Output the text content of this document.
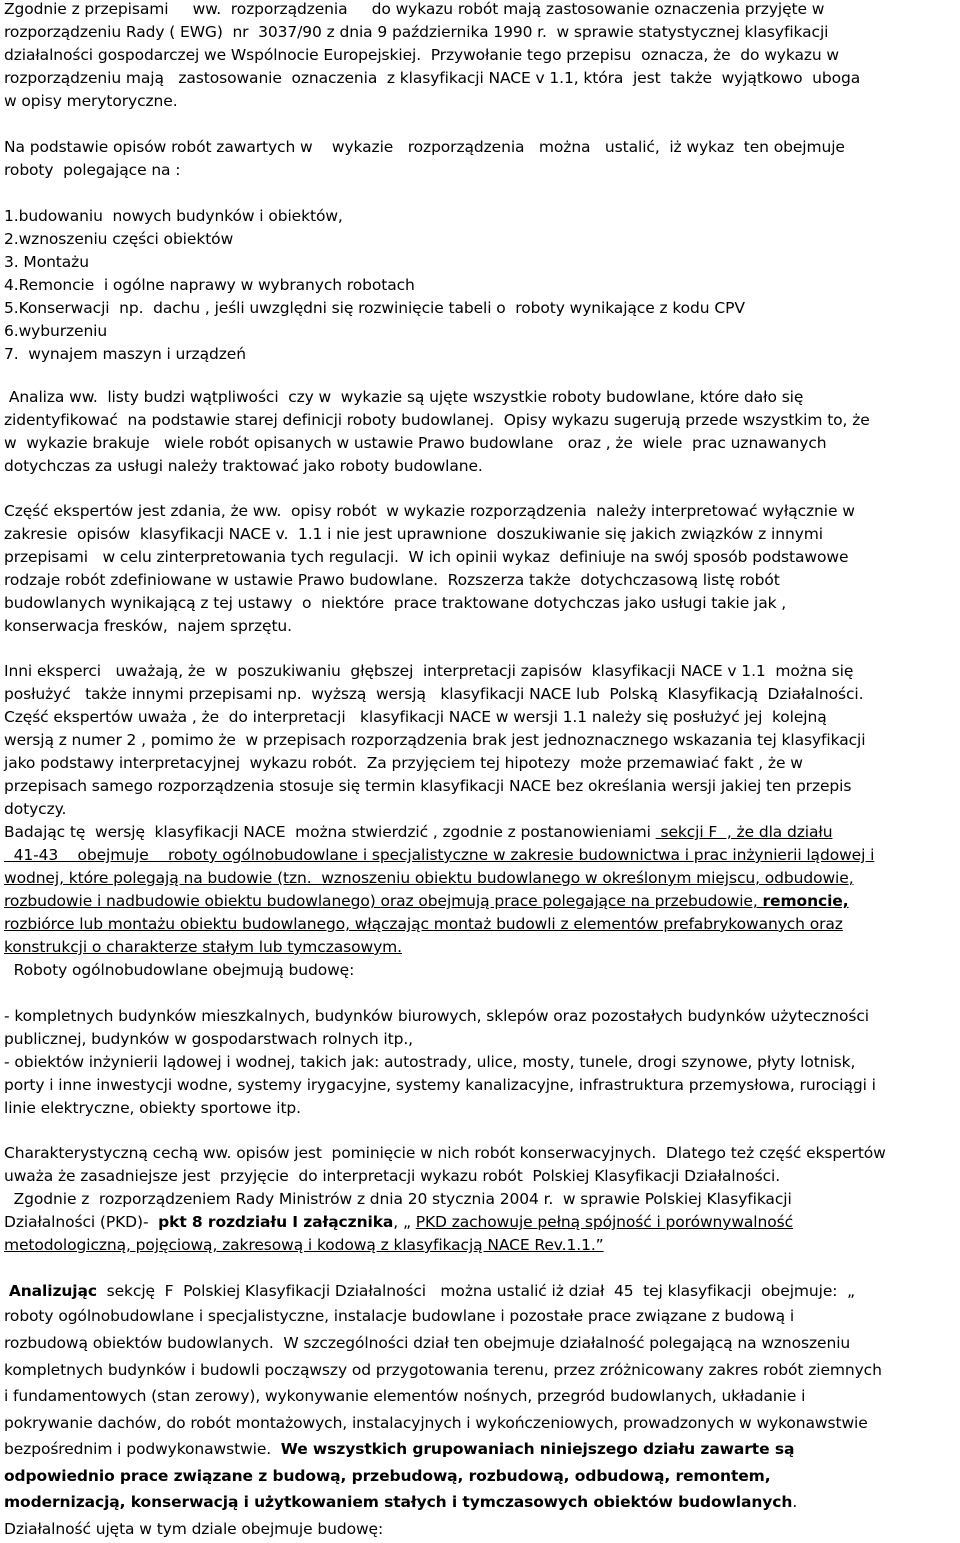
Zgodnie z przepisami     ww.  rozporządzenia     do wykazu robót mają zastosowanie oznaczenia przyjęte w
rozporządzeniu Rady ( EWG)  nr  3037/90 z dnia 9 października 1990 r.  w sprawie statystycznej klasyfikacji
działalności gospodarczej we Wspólnocie Europejskiej.  Przywołanie tego przepisu  oznacza, że  do wykazu w
rozporządzeniu mają   zastosowanie  oznaczenia  z klasyfikacji NACE v 1.1, która  jest  także  wyjątkowo  uboga
w opisy merytoryczne.
Na podstawie opisów robót zawartych w    wykazie   rozporządzenia   można   ustalić,  iż wykaz  ten obejmuje
roboty  polegające na :
1.budowaniu  nowych budynków i obiektów,
2.wznoszeniu części obiektów
3. Montażu
4.Remoncie  i ogólne naprawy w wybranych robotach
5.Konserwacji  np.  dachu , jeśli uwzględni się rozwinięcie tabeli o  roboty wynikające z kodu CPV
6.wyburzeniu
7.  wynajem maszyn i urządzeń
Analiza ww.  listy budzi wątpliwości  czy w  wykazie są ujęte wszystkie roboty budowlane, które dało się
zidentyfikować  na podstawie starej definicji roboty budowlanej.  Opisy wykazu sugerują przede wszystkim to, że
w  wykazie brakuje   wiele robót opisanych w ustawie Prawo budowlane   oraz , że  wiele  prac uznawanych
dotychczas za usługi należy traktować jako roboty budowlane.
Część ekspertów jest zdania, że ww.  opisy robót  w wykazie rozporządzenia  należy interpretować wyłącznie w
zakresie  opisów  klasyfikacji NACE v.  1.1 i nie jest uprawnione  doszukiwanie się jakich związków z innymi
przepisami   w celu zinterpretowania tych regulacji.  W ich opinii wykaz  definiuje na swój sposób podstawowe
rodzaje robót zdefiniowane w ustawie Prawo budowlane.  Rozszerza także  dotychczasową listę robót
budowlanych wynikającą z tej ustawy  o  niektóre  prace traktowane dotychczas jako usługi takie jak ,
konserwacja fresków,  najem sprzętu.
Inni eksperci   uważają, że  w  poszukiwaniu  głębszej  interpretacji zapisów  klasyfikacji NACE v 1.1  można się
posłużyć   także innymi przepisami np.  wyższą  wersją   klasyfikacji NACE lub  Polską  Klasyfikacją  Działalności.
Część ekspertów uważa , że  do interpretacji   klasyfikacji NACE w wersji 1.1 należy się posłużyć jej  kolejną
wersją z numer 2 , pomimo że  w przepisach rozporządzenia brak jest jednoznacznego wskazania tej klasyfikacji
jako podstawy interpretacyjnej  wykazu robót.  Za przyjęciem tej hipotezy  może przemawiać fakt , że w
przepisach samego rozporządzenia stosuje się termin klasyfikacji NACE bez określania wersji jakiej ten przepis
dotyczy.
Badając tę  wersję  klasyfikacji NACE  można stwierdzić , zgodnie z postanowieniami  sekcji F  , że dla działu
41-43    obejmuje    roboty ogólnobudowlane i specjalistyczne w zakresie budownictwa i prac inżynierii lądowej i
wodnej, które polegają na budowie (tzn.  wznoszeniu obiektu budowlanego w określonym miejscu, odbudowie,
rozbudowie i nadbudowie obiektu budowlanego) oraz obejmują prace polegające na przebudowie, remoncie,
rozbiórce lub montażu obiektu budowlanego, włączając montaż budowli z elementów prefabrykowanych oraz
konstrukcji o charakterze stałym lub tymczasowym.
Roboty ogólnobudowlane obejmują budowę:
- kompletnych budynków mieszkalnych, budynków biurowych, sklepów oraz pozostałych budynków użyteczności
publicznej, budynków w gospodarstwach rolnych itp.,
- obiektów inżynierii lądowej i wodnej, takich jak: autostrady, ulice, mosty, tunele, drogi szynowe, płyty lotnisk,
porty i inne inwestycji wodne, systemy irygacyjne, systemy kanalizacyjne, infrastruktura przemysłowa, rurociągi i
linie elektryczne, obiekty sportowe itp.
Charakterystyczną cechą ww. opisów jest  pominięcie w nich robót konserwacyjnych.  Dlatego też część ekspertów
uważa że zasadniejsze jest  przyjęcie  do interpretacji wykazu robót  Polskiej Klasyfikacji Działalności.
Zgodnie z  rozporządzeniem Rady Ministrów z dnia 20 stycznia 2004 r.  w sprawie Polskiej Klasyfikacji
Działalności (PKD)-  pkt 8 rozdziału I załącznika, „ PKD zachowuje pełną spójność i porównywalność
metodologiczną, pojęciową, zakresową i kodową z klasyfikacją NACE Rev.1.1.”
Analizując  sekcję  F  Polskiej Klasyfikacji Działalności   można ustalić iż dział  45  tej klasyfikacji  obejmuje:  „
roboty ogólnobudowlane i specjalistyczne, instalacje budowlane i pozostałe prace związane z budową i
rozbudową obiektów budowlanych.  W szczególności dział ten obejmuje działalność polegającą na wznoszeniu
kompletnych budynków i budowli począwszy od przygotowania terenu, przez zróżnicowany zakres robót ziemnych
i fundamentowych (stan zerowy), wykonywanie elementów nośnych, przegród budowlanych, układanie i
pokrywanie dachów, do robót montażowych, instalacyjnych i wykończeniowych, prowadzonych w wykonawstwie
bezpośrednim i podwykonawstwie.  We wszystkich grupowaniach niniejszego działu zawarte są
odpowiednio prace związane z budową, przebudową, rozbudową, odbudową, remontem,
modernizacją, konserwacją i użytkowaniem stałych i tymczasowych obiektów budowlanych.
Działalność ujęta w tym dziale obejmuje budowę:
